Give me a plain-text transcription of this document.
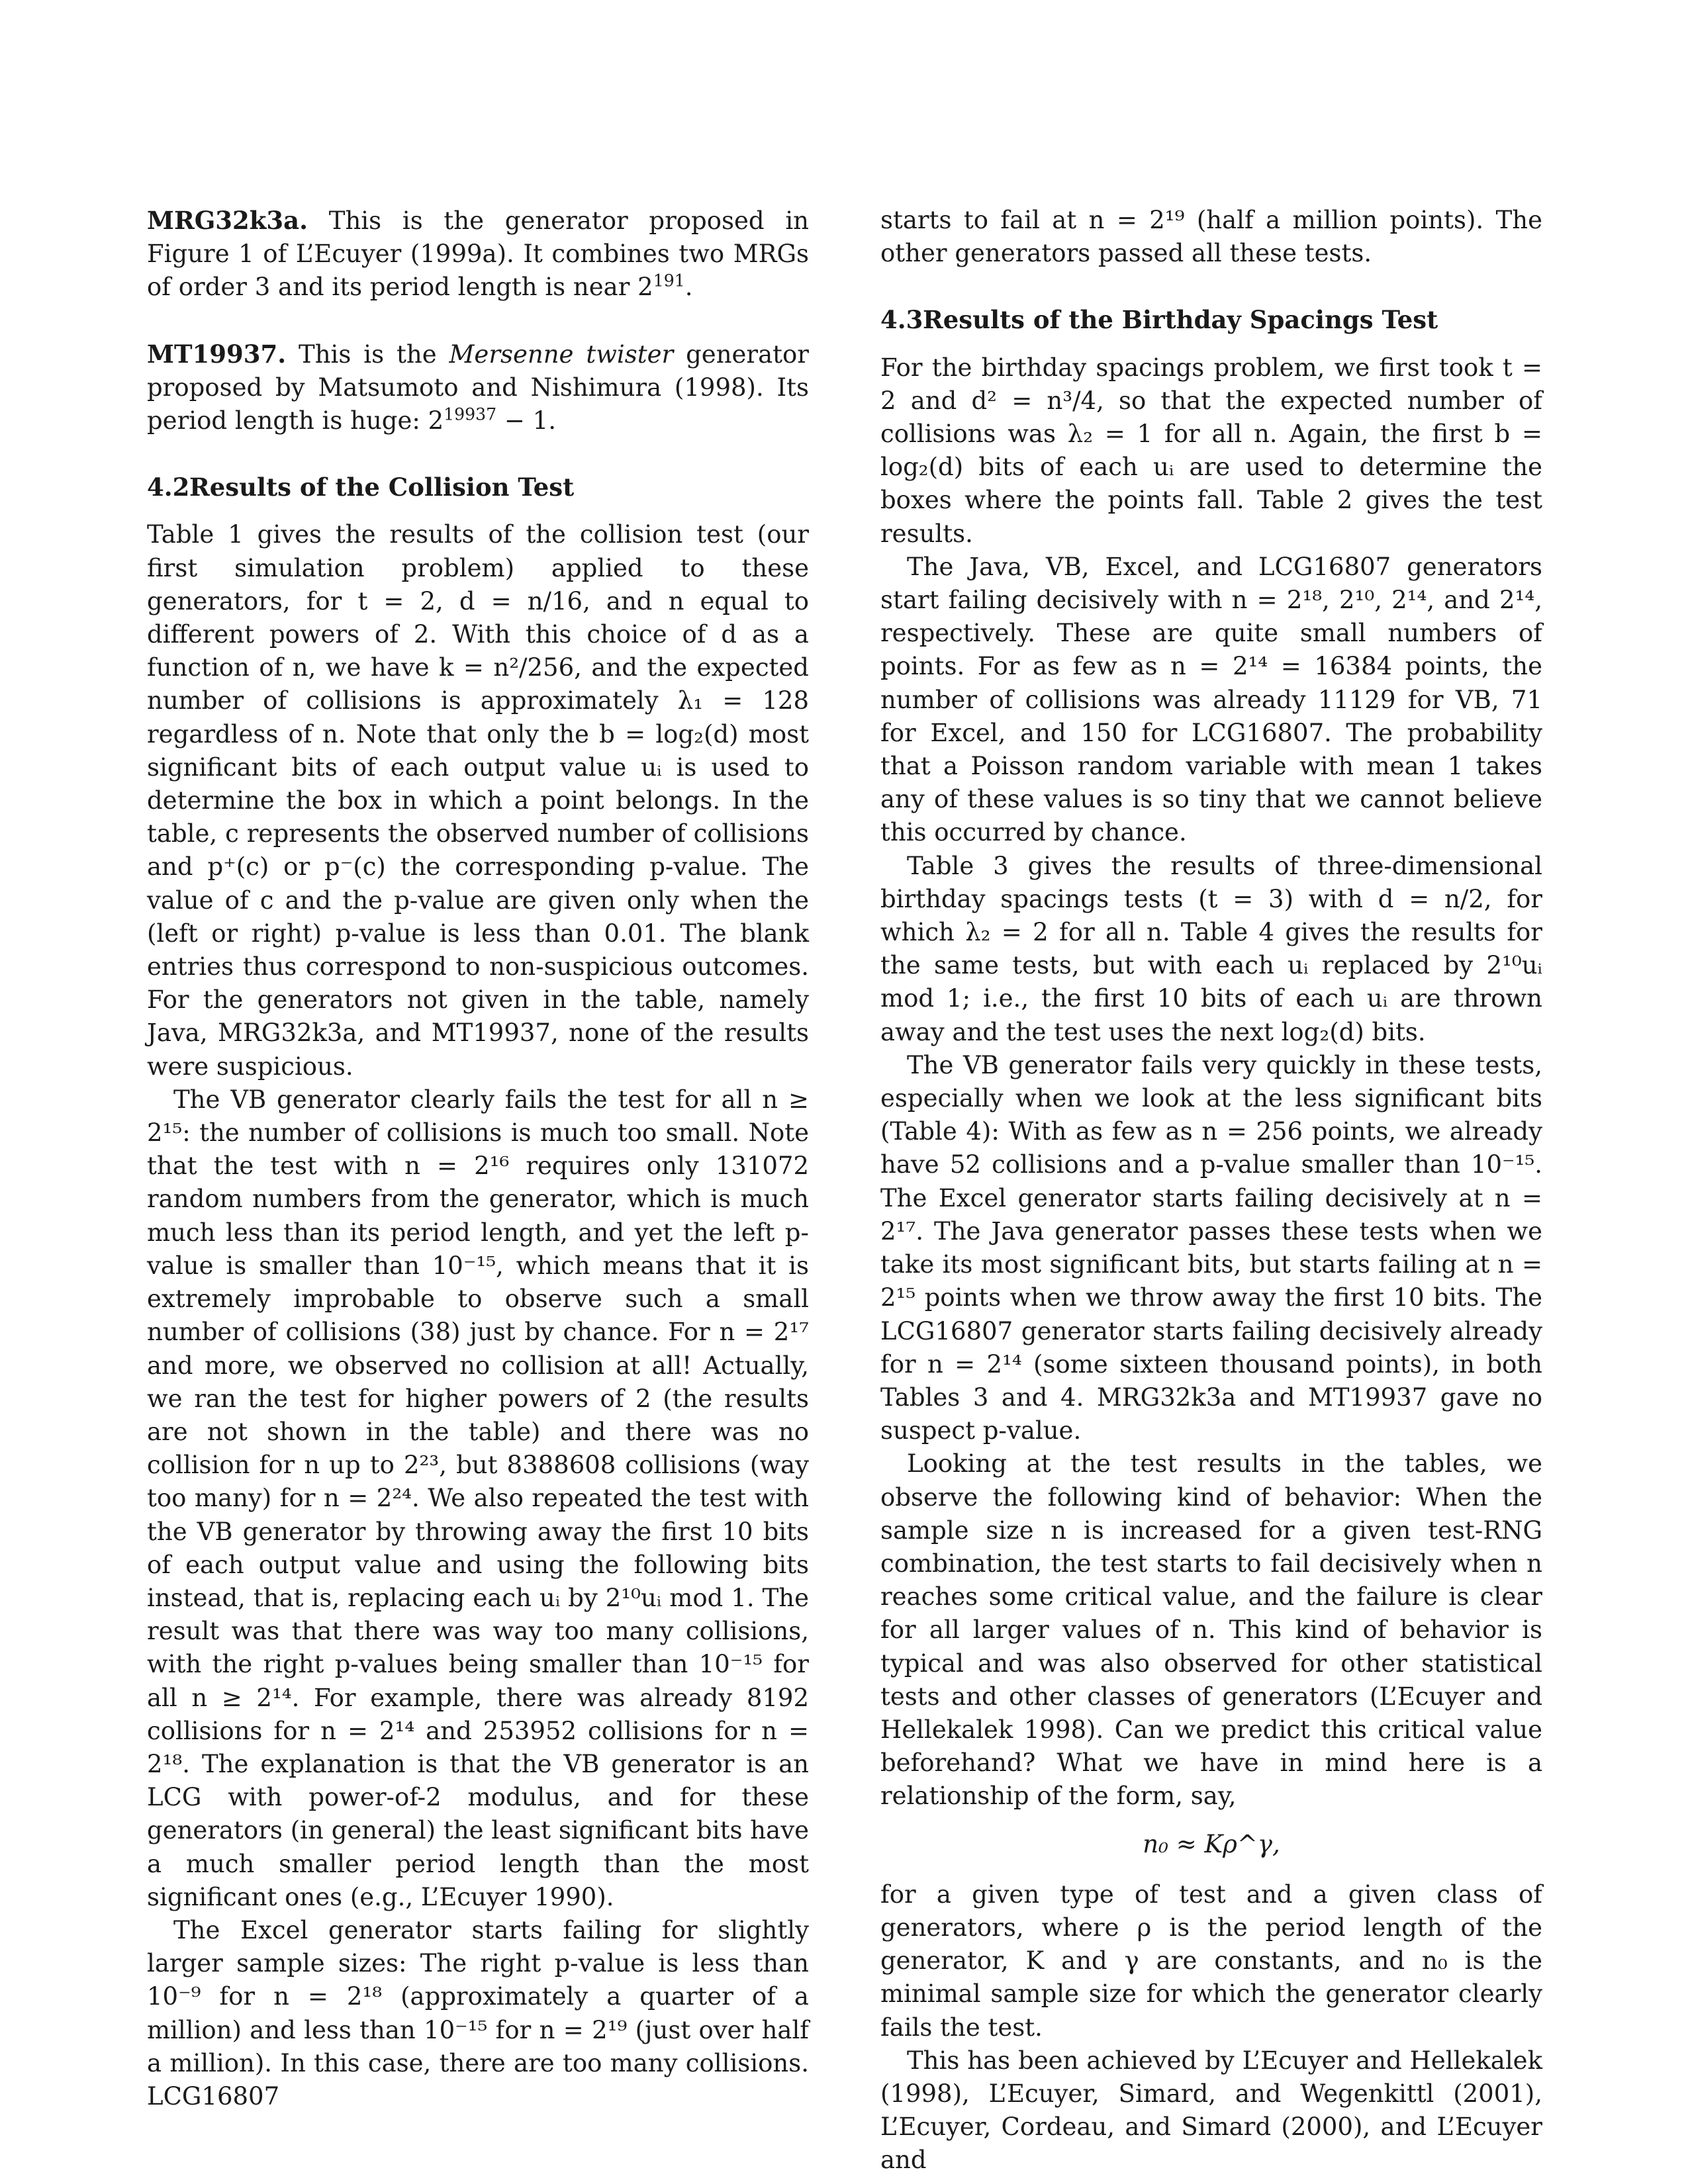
MRG32k3a. This is the generator proposed in Figure 1 of L’Ecuyer (1999a). It combines two MRGs of order 3 and its period length is near $2^{191}$.

MT19937. This is the Mersenne twister generator proposed by Matsumoto and Nishimura (1998). Its period length is huge: $2^{19937} - 1$.

4.2Results of the Collision Test

Table 1 gives the results of the collision test (our first simulation problem) applied to these generators, for t = 2, d = n/16, and n equal to different powers of 2. With this choice of d as a function of n, we have k = n²/256, and the expected number of collisions is approximately λ₁ = 128 regardless of n. Note that only the b = log₂(d) most significant bits of each output value uᵢ is used to determine the box in which a point belongs. In the table, c represents the observed number of collisions and p⁺(c) or p⁻(c) the corresponding p-value. The value of c and the p-value are given only when the (left or right) p-value is less than 0.01. The blank entries thus correspond to non-suspicious outcomes. For the generators not given in the table, namely Java, MRG32k3a, and MT19937, none of the results were suspicious.

The VB generator clearly fails the test for all n ≥ 2¹⁵: the number of collisions is much too small. Note that the test with n = 2¹⁶ requires only 131072 random numbers from the generator, which is much much less than its period length, and yet the left p-value is smaller than 10⁻¹⁵, which means that it is extremely improbable to observe such a small number of collisions (38) just by chance. For n = 2¹⁷ and more, we observed no collision at all! Actually, we ran the test for higher powers of 2 (the results are not shown in the table) and there was no collision for n up to 2²³, but 8388608 collisions (way too many) for n = 2²⁴. We also repeated the test with the VB generator by throwing away the first 10 bits of each output value and using the following bits instead, that is, replacing each uᵢ by 2¹⁰uᵢ mod 1. The result was that there was way too many collisions, with the right p-values being smaller than 10⁻¹⁵ for all n ≥ 2¹⁴. For example, there was already 8192 collisions for n = 2¹⁴ and 253952 collisions for n = 2¹⁸. The explanation is that the VB generator is an LCG with power-of-2 modulus, and for these generators (in general) the least significant bits have a much smaller period length than the most significant ones (e.g., L’Ecuyer 1990).

The Excel generator starts failing for slightly larger sample sizes: The right p-value is less than 10⁻⁹ for n = 2¹⁸ (approximately a quarter of a million) and less than 10⁻¹⁵ for n = 2¹⁹ (just over half a million). In this case, there are too many collisions. LCG16807

starts to fail at n = 2¹⁹ (half a million points). The other generators passed all these tests.

4.3Results of the Birthday Spacings Test

For the birthday spacings problem, we first took t = 2 and d² = n³/4, so that the expected number of collisions was λ₂ = 1 for all n. Again, the first b = log₂(d) bits of each uᵢ are used to determine the boxes where the points fall. Table 2 gives the test results.

The Java, VB, Excel, and LCG16807 generators start failing decisively with n = 2¹⁸, 2¹⁰, 2¹⁴, and 2¹⁴, respectively. These are quite small numbers of points. For as few as n = 2¹⁴ = 16384 points, the number of collisions was already 11129 for VB, 71 for Excel, and 150 for LCG16807. The probability that a Poisson random variable with mean 1 takes any of these values is so tiny that we cannot believe this occurred by chance.

Table 3 gives the results of three-dimensional birthday spacings tests (t = 3) with d = n/2, for which λ₂ = 2 for all n. Table 4 gives the results for the same tests, but with each uᵢ replaced by 2¹⁰uᵢ mod 1; i.e., the first 10 bits of each uᵢ are thrown away and the test uses the next log₂(d) bits.

The VB generator fails very quickly in these tests, especially when we look at the less significant bits (Table 4): With as few as n = 256 points, we already have 52 collisions and a p-value smaller than 10⁻¹⁵. The Excel generator starts failing decisively at n = 2¹⁷. The Java generator passes these tests when we take its most significant bits, but starts failing at n = 2¹⁵ points when we throw away the first 10 bits. The LCG16807 generator starts failing decisively already for n = 2¹⁴ (some sixteen thousand points), in both Tables 3 and 4. MRG32k3a and MT19937 gave no suspect p-value.

Looking at the test results in the tables, we observe the following kind of behavior: When the sample size n is increased for a given test-RNG combination, the test starts to fail decisively when n reaches some critical value, and the failure is clear for all larger values of n. This kind of behavior is typical and was also observed for other statistical tests and other classes of generators (L’Ecuyer and Hellekalek 1998). Can we predict this critical value beforehand? What we have in mind here is a relationship of the form, say,

n₀ ≈ Kρ^γ,

for a given type of test and a given class of generators, where ρ is the period length of the generator, K and γ are constants, and n₀ is the minimal sample size for which the generator clearly fails the test.

This has been achieved by L’Ecuyer and Hellekalek (1998), L’Ecuyer, Simard, and Wegenkittl (2001), L’Ecuyer, Cordeau, and Simard (2000), and L’Ecuyer and
